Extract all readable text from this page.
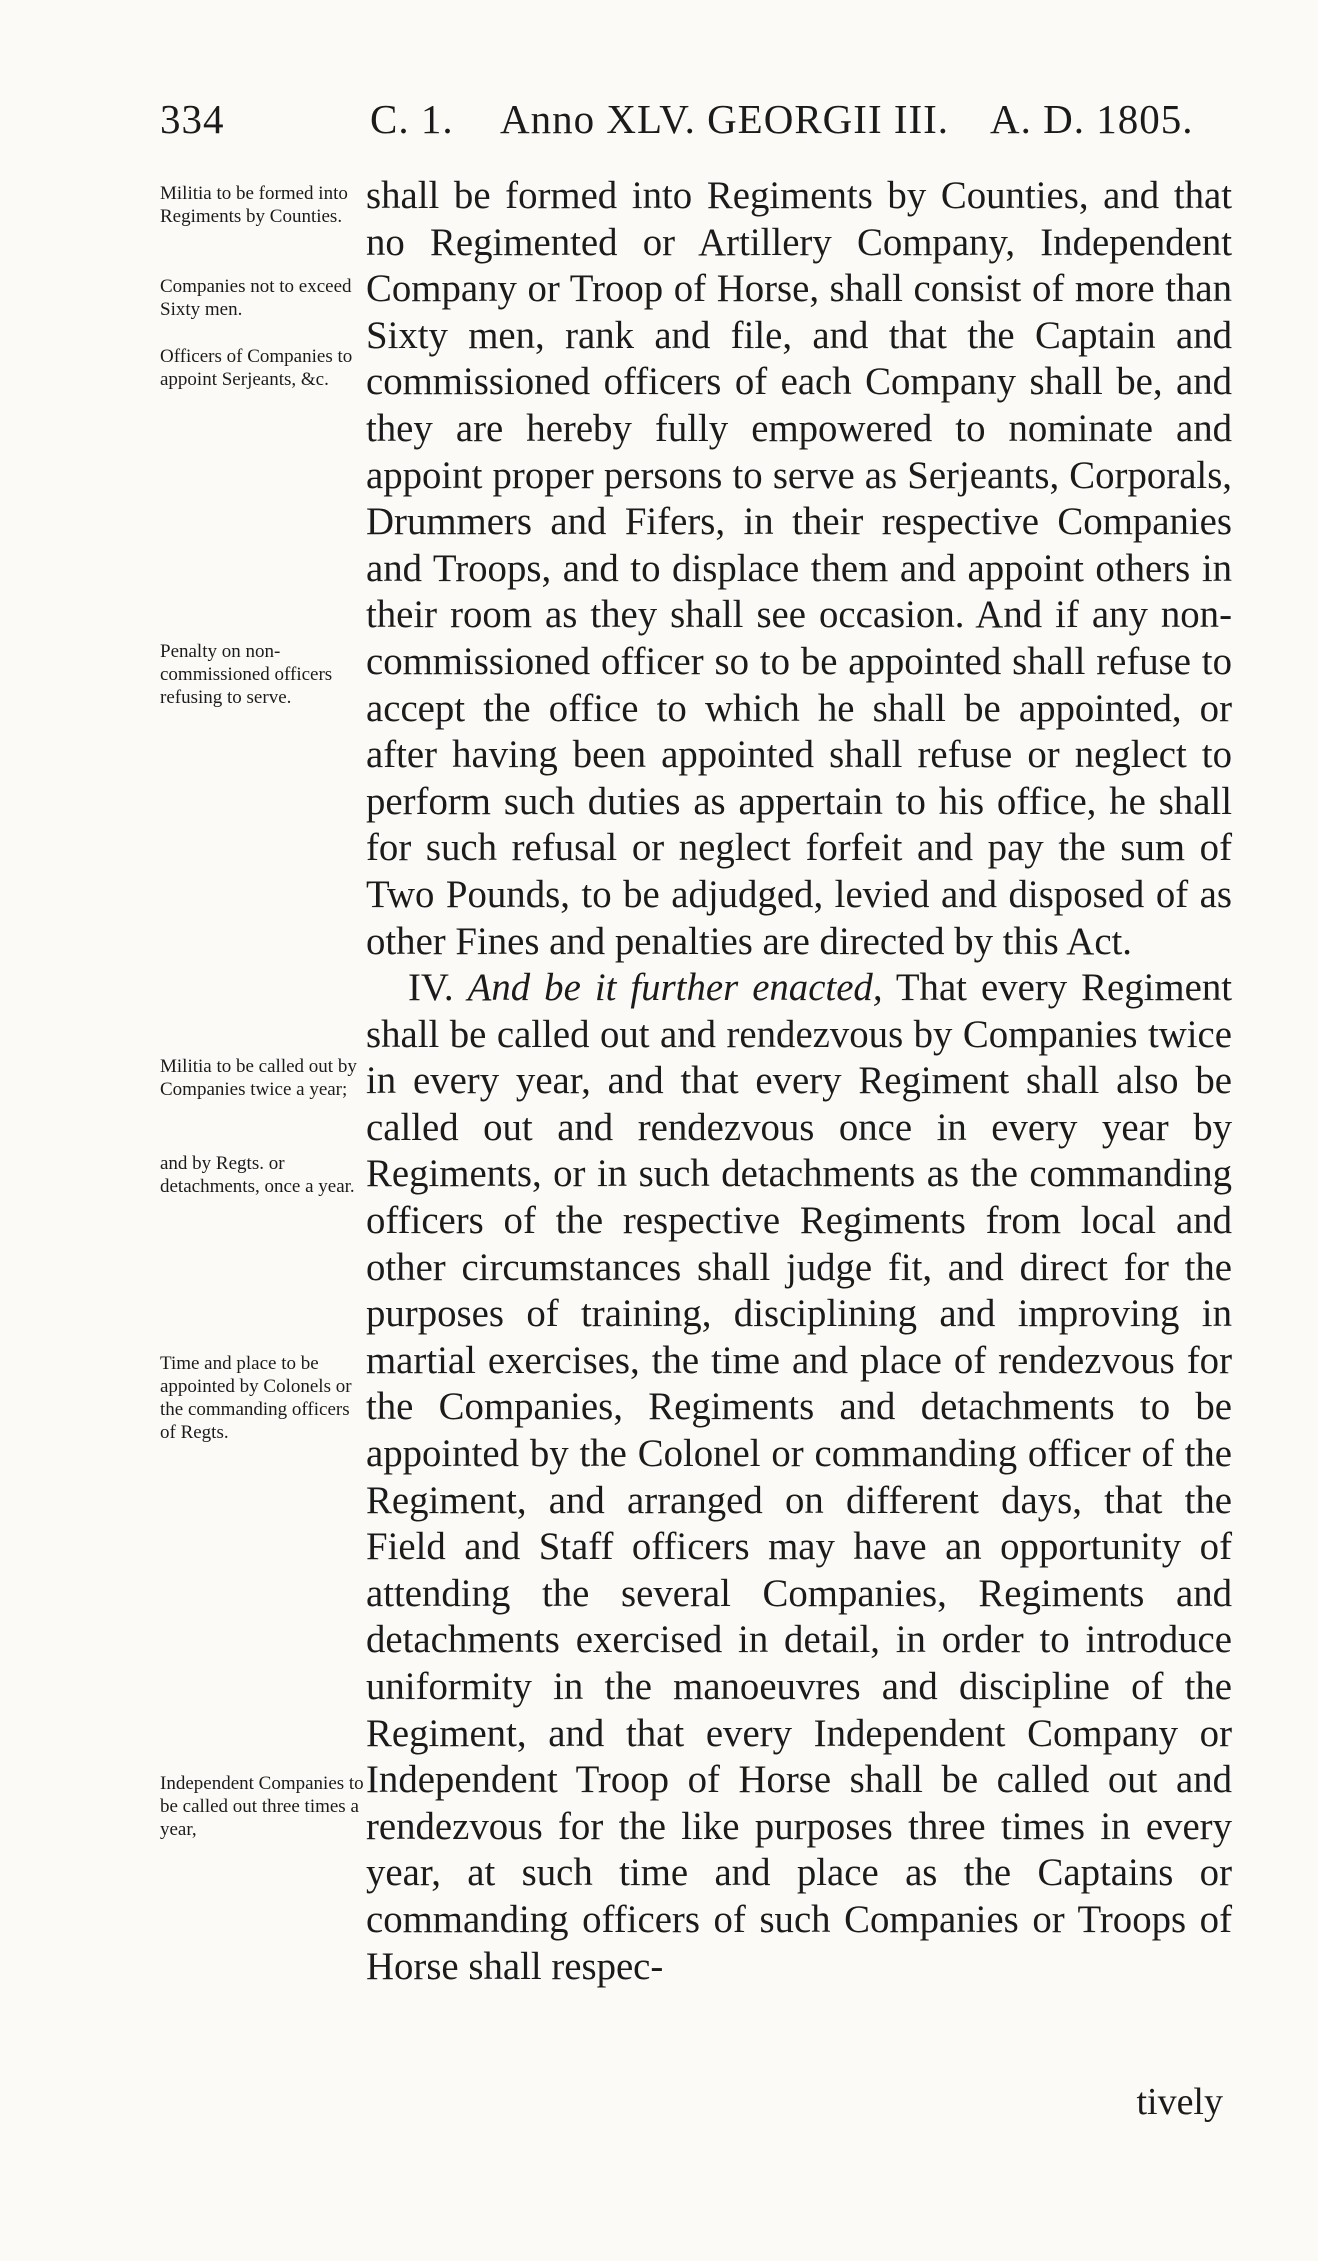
334	C. 1. Anno XLV. GEORGII III. A. D. 1805.
Militia to be formed into Regiments by Counties.
Companies not to exceed Sixty men.
Officers of Companies to appoint Serjeants, &c.
Penalty on non-commissioned officers refusing to serve.
Militia to be called out by Companies twice a year;
and by Regts. or detachments, once a year.
Time and place to be appointed by Colonels or the commanding officers of Regts.
Independent Companies to be called out three times a year,

shall be formed into Regiments by Counties, and that no Regimented or Artillery Company, Independent Company or Troop of Horse, shall consist of more than Sixty men, rank and file, and that the Captain and commissioned officers of each Company shall be, and they are hereby fully empowered to nominate and appoint proper persons to serve as Serjeants, Corporals, Drummers and Fifers, in their respective Companies and Troops, and to displace them and appoint others in their room as they shall see occasion. And if any non-commissioned officer so to be appointed shall refuse to accept the office to which he shall be appointed, or after having been appointed shall refuse or neglect to perform such duties as appertain to his office, he shall for such refusal or neglect forfeit and pay the sum of Two Pounds, to be adjudged, levied and disposed of as other Fines and penalties are directed by this Act.

IV. And be it further enacted, That every Regiment shall be called out and rendezvous by Companies twice in every year, and that every Regiment shall also be called out and rendezvous once in every year by Regiments, or in such detachments as the commanding officers of the respective Regiments from local and other circumstances shall judge fit, and direct for the purposes of training, disciplining and improving in martial exercises, the time and place of rendezvous for the Companies, Regiments and detachments to be appointed by the Colonel or commanding officer of the Regiment, and arranged on different days, that the Field and Staff officers may have an opportunity of attending the several Companies, Regiments and detachments exercised in detail, in order to introduce uniformity in the manoeuvres and discipline of the Regiment, and that every Independent Company or Independent Troop of Horse shall be called out and rendezvous for the like purposes three times in every year, at such time and place as the Captains or commanding officers of such Companies or Troops of Horse shall respec-

tively
